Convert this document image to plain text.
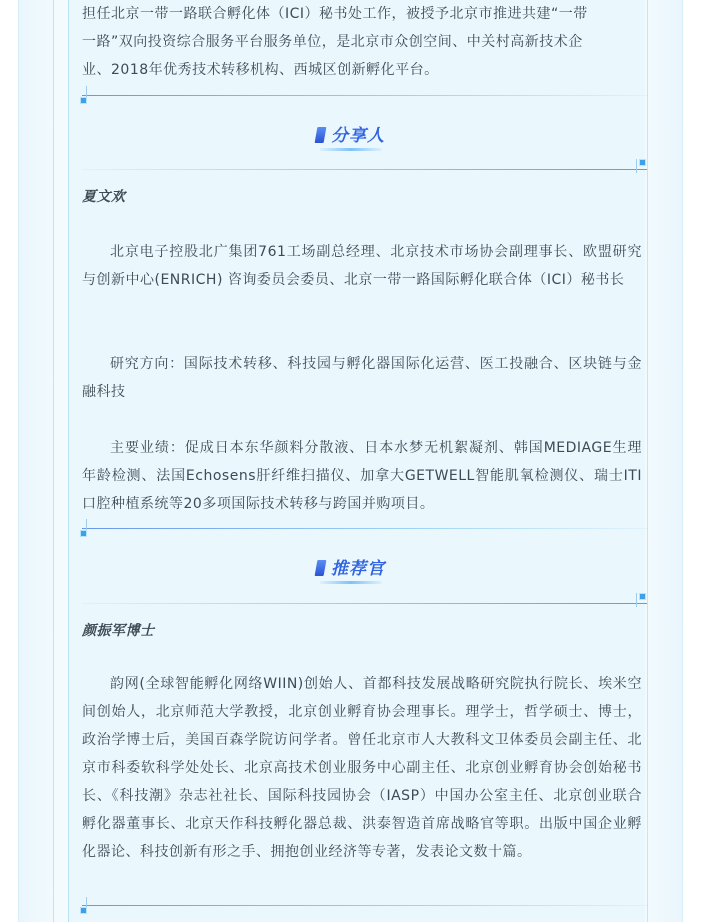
担任北京一带一路联合孵化体（ICI）秘书处工作，被授予北京市推进共建“一带
一路”双向投资综合服务平台服务单位，是北京市众创空间、中关村高新技术企
业、2018年优秀技术转移机构、西城区创新孵化平台。
分享人
夏文欢
北京电子控股北广集团761工场副总经理、北京技术市场协会副理事长、欧盟研究与创新中心(ENRICH) 咨询委员会委员、北京一带一路国际孵化联合体（ICI）秘书长
研究方向：国际技术转移、科技园与孵化器国际化运营、医工投融合、区块链与金融科技
主要业绩：促成日本东华颜料分散液、日本水梦无机絮凝剂、韩国MEDIAGE生理年龄检测、法国Echosens肝纤维扫描仪、加拿大GETWELL智能肌氧检测仪、瑞士ITI口腔种植系统等20多项国际技术转移与跨国并购项目。
推荐官
颜振军博士
韵网(全球智能孵化网络WIIN)创始人、首都科技发展战略研究院执行院长、埃米空间创始人，北京师范大学教授，北京创业孵育协会理事长。理学士，哲学硕士、博士，政治学博士后，美国百森学院访问学者。曾任北京市人大教科文卫体委员会副主任、北京市科委软科学处处长、北京高技术创业服务中心副主任、北京创业孵育协会创始秘书长、《科技潮》杂志社社长、国际科技园协会（IASP）中国办公室主任、北京创业联合孵化器董事长、北京天作科技孵化器总裁、洪泰智造首席战略官等职。出版中国企业孵化器论、科技创新有形之手、拥抱创业经济等专著，发表论文数十篇。
